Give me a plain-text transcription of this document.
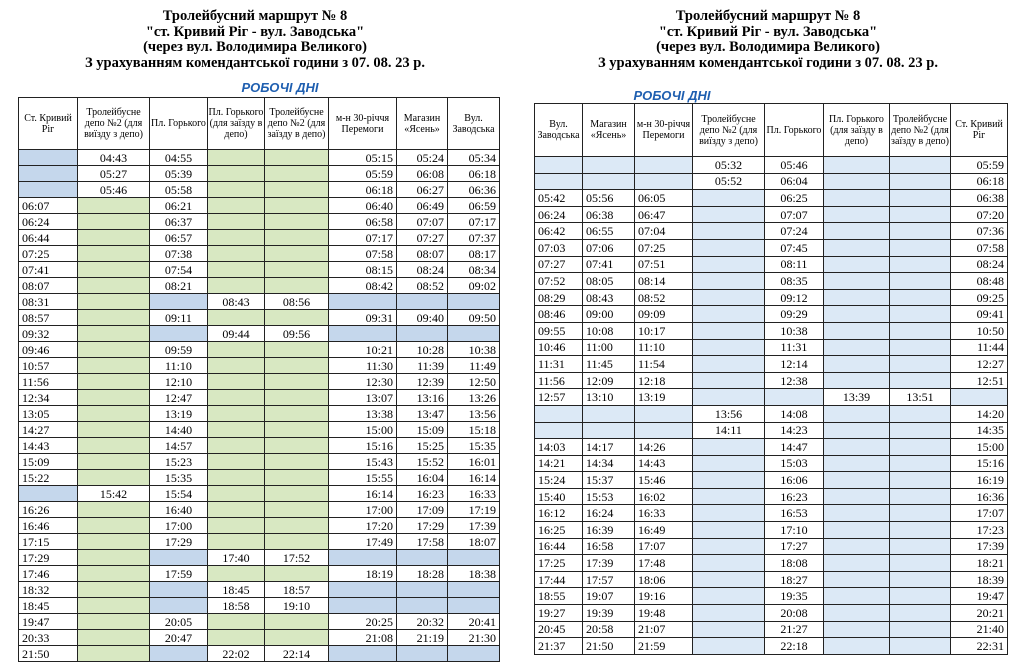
Тролейбусний маршрут № 8
"ст. Кривий Ріг - вул. Заводська"
(через вул. Володимира Великого)
З урахуванням комендантської години з 07. 08. 23 р.
РОБОЧІ ДНІ
Ст. Кривий Ріг	Тролейбусне депо №2 (для виїзду з депо)	Пл. Горького	Пл. Горького (для заїзду в депо)	Тролейбусне депо №2 (для заїзду в депо)	м-н 30-річчя Перемоги	Магазин «Ясень»	Вул. Заводська
	04:43	04:55			05:15	05:24	05:34
	05:27	05:39			05:59	06:08	06:18
	05:46	05:58			06:18	06:27	06:36
06:07		06:21			06:40	06:49	06:59
06:24		06:37			06:58	07:07	07:17
06:44		06:57			07:17	07:27	07:37
07:25		07:38			07:58	08:07	08:17
07:41		07:54			08:15	08:24	08:34
08:07		08:21			08:42	08:52	09:02
08:31			08:43	08:56			
08:57		09:11			09:31	09:40	09:50
09:32			09:44	09:56			
09:46		09:59			10:21	10:28	10:38
10:57		11:10			11:30	11:39	11:49
11:56		12:10			12:30	12:39	12:50
12:34		12:47			13:07	13:16	13:26
13:05		13:19			13:38	13:47	13:56
14:27		14:40			15:00	15:09	15:18
14:43		14:57			15:16	15:25	15:35
15:09		15:23			15:43	15:52	16:01
15:22		15:35			15:55	16:04	16:14
	15:42	15:54			16:14	16:23	16:33
16:26		16:40			17:00	17:09	17:19
16:46		17:00			17:20	17:29	17:39
17:15		17:29			17:49	17:58	18:07
17:29			17:40	17:52			
17:46		17:59			18:19	18:28	18:38
18:32			18:45	18:57			
18:45			18:58	19:10			
19:47		20:05			20:25	20:32	20:41
20:33		20:47			21:08	21:19	21:30
21:50			22:02	22:14			
Тролейбусний маршрут № 8
"ст. Кривий Ріг - вул. Заводська"
(через вул. Володимира Великого)
З урахуванням комендантської години з 07. 08. 23 р.
РОБОЧІ ДНІ
Вул. Заводська	Магазин «Ясень»	м-н 30-річчя Перемоги	Тролейбусне депо №2 (для виїзду з депо)	Пл. Горького	Пл. Горького (для заїзду в депо)	Тролейбусне депо №2 (для заїзду в депо)	Ст. Кривий Ріг
			05:32	05:46			05:59
			05:52	06:04			06:18
05:42	05:56	06:05		06:25			06:38
06:24	06:38	06:47		07:07			07:20
06:42	06:55	07:04		07:24			07:36
07:03	07:06	07:25		07:45			07:58
07:27	07:41	07:51		08:11			08:24
07:52	08:05	08:14		08:35			08:48
08:29	08:43	08:52		09:12			09:25
08:46	09:00	09:09		09:29			09:41
09:55	10:08	10:17		10:38			10:50
10:46	11:00	11:10		11:31			11:44
11:31	11:45	11:54		12:14			12:27
11:56	12:09	12:18		12:38			12:51
12:57	13:10	13:19			13:39	13:51	
			13:56	14:08			14:20
			14:11	14:23			14:35
14:03	14:17	14:26		14:47			15:00
14:21	14:34	14:43		15:03			15:16
15:24	15:37	15:46		16:06			16:19
15:40	15:53	16:02		16:23			16:36
16:12	16:24	16:33		16:53			17:07
16:25	16:39	16:49		17:10			17:23
16:44	16:58	17:07		17:27			17:39
17:25	17:39	17:48		18:08			18:21
17:44	17:57	18:06		18:27			18:39
18:55	19:07	19:16		19:35			19:47
19:27	19:39	19:48		20:08			20:21
20:45	20:58	21:07		21:27			21:40
21:37	21:50	21:59		22:18			22:31
